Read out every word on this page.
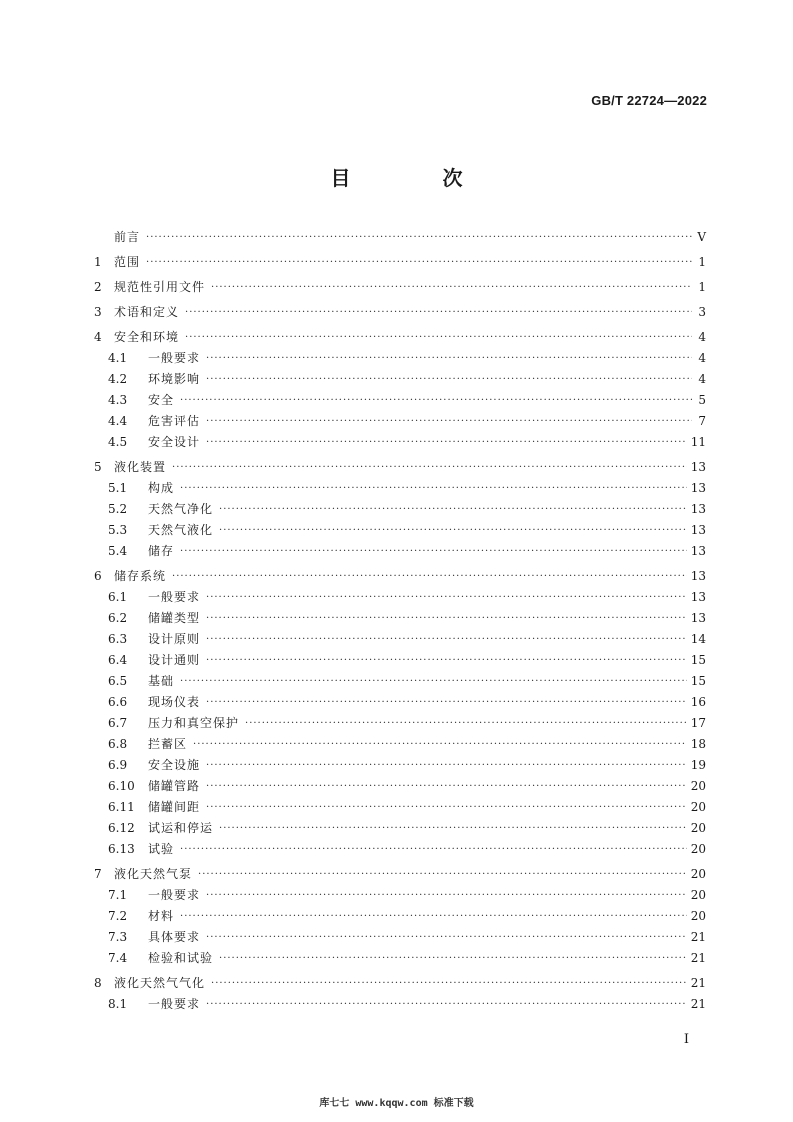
GB/T 22724—2022
目　次
前言 ·····	V
1	范围 ·····	1
2	规范性引用文件 ·····	1
3	术语和定义 ·····	3
4	安全和环境 ·····	4
4.1	一般要求 ·····	4
4.2	环境影响 ·····	4
4.3	安全 ·····	5
4.4	危害评估 ·····	7
4.5	安全设计 ·····	11
5	液化装置 ·····	13
5.1	构成 ·····	13
5.2	天然气净化 ·····	13
5.3	天然气液化 ·····	13
5.4	储存 ·····	13
6	储存系统 ·····	13
6.1	一般要求 ·····	13
6.2	储罐类型 ·····	13
6.3	设计原则 ·····	14
6.4	设计通则 ·····	15
6.5	基础 ·····	15
6.6	现场仪表 ·····	16
6.7	压力和真空保护 ·····	17
6.8	拦蓄区 ·····	18
6.9	安全设施 ·····	19
6.10	储罐管路 ·····	20
6.11	储罐间距 ·····	20
6.12	试运和停运 ·····	20
6.13	试验 ·····	20
7	液化天然气泵 ·····	20
7.1	一般要求 ·····	20
7.2	材料 ·····	20
7.3	具体要求 ·····	21
7.4	检验和试验 ·····	21
8	液化天然气气化 ·····	21
8.1	一般要求 ·····	21
I
库七七 www.kqqw.com 标准下载
